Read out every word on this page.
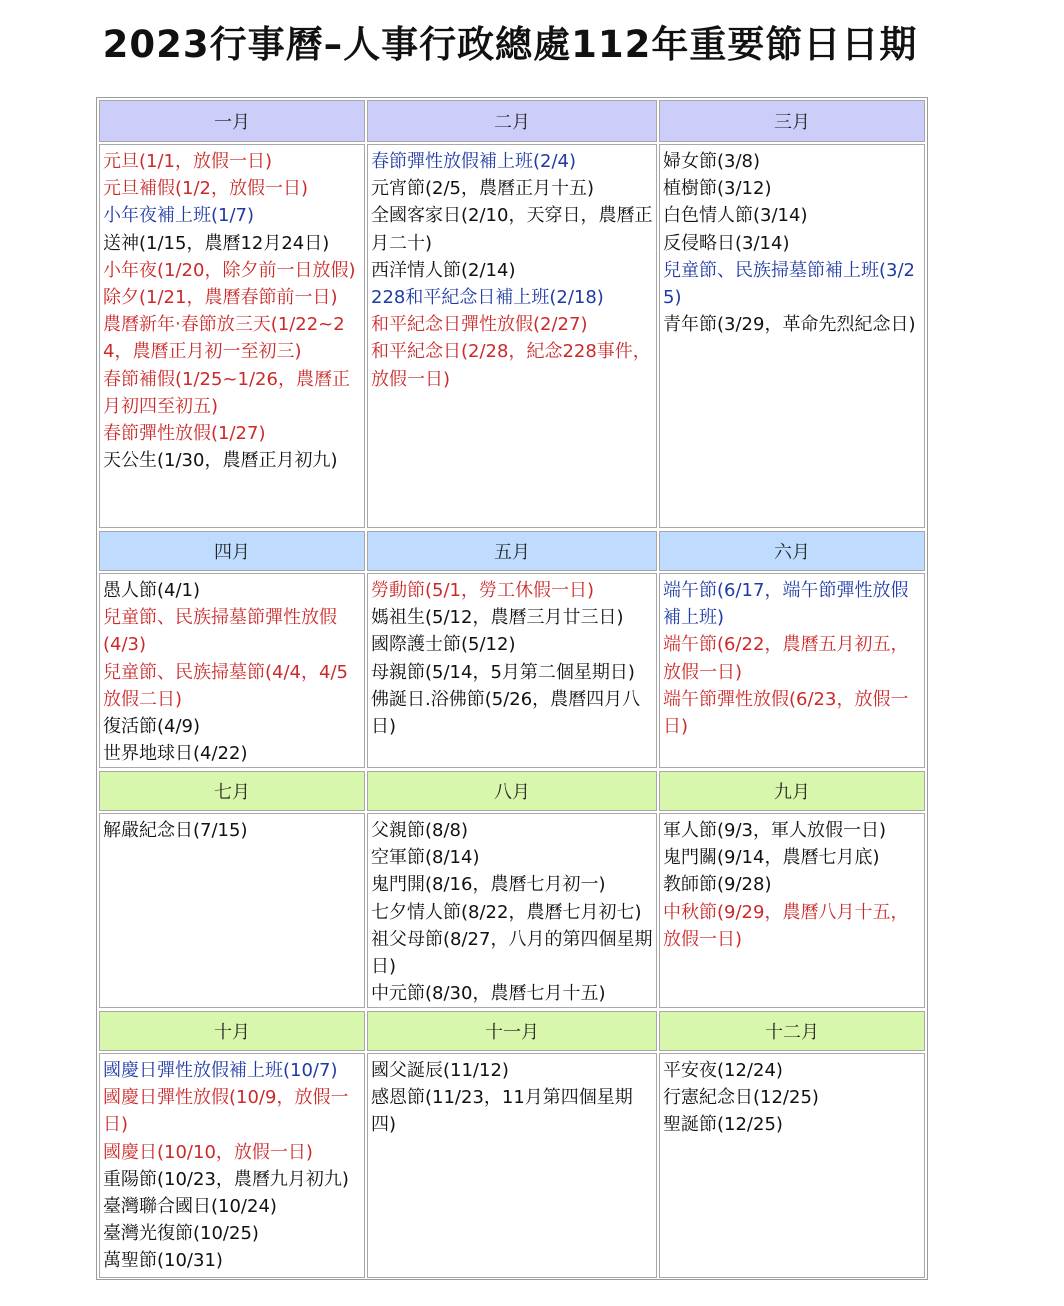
2023行事曆–人事行政總處112年重要節日日期
一月
元旦(1/1，放假一日)
元旦補假(1/2，放假一日)
小年夜補上班(1/7)
送神(1/15，農曆12月24日)
小年夜(1/20，除夕前一日放假)
除夕(1/21，農曆春節前一日)
農曆新年‧春節放三天(1/22~24，農曆正月初一至初三)
春節補假(1/25~1/26，農曆正月初四至初五)
春節彈性放假(1/27)
天公生(1/30，農曆正月初九)
二月
春節彈性放假補上班(2/4)
元宵節(2/5，農曆正月十五)
全國客家日(2/10，天穿日，農曆正月二十)
西洋情人節(2/14)
228和平紀念日補上班(2/18)
和平紀念日彈性放假(2/27)
和平紀念日(2/28，紀念228事件，放假一日)
三月
婦女節(3/8)
植樹節(3/12)
白色情人節(3/14)
反侵略日(3/14)
兒童節、民族掃墓節補上班(3/25)
青年節(3/29，革命先烈紀念日)
四月
愚人節(4/1)
兒童節、民族掃墓節彈性放假(4/3)
兒童節、民族掃墓節(4/4，4/5放假二日)
復活節(4/9)
世界地球日(4/22)
五月
勞動節(5/1，勞工休假一日)
媽祖生(5/12，農曆三月廿三日)
國際護士節(5/12)
母親節(5/14，5月第二個星期日)
佛誕日.浴佛節(5/26，農曆四月八日)
六月
端午節(6/17，端午節彈性放假補上班)
端午節(6/22，農曆五月初五，放假一日)
端午節彈性放假(6/23，放假一日)
七月
解嚴紀念日(7/15)
八月
父親節(8/8)
空軍節(8/14)
鬼門開(8/16，農曆七月初一)
七夕情人節(8/22，農曆七月初七)
祖父母節(8/27，八月的第四個星期日)
中元節(8/30，農曆七月十五)
九月
軍人節(9/3，軍人放假一日)
鬼門關(9/14，農曆七月底)
教師節(9/28)
中秋節(9/29，農曆八月十五，放假一日)
十月
國慶日彈性放假補上班(10/7)
國慶日彈性放假(10/9，放假一日)
國慶日(10/10，放假一日)
重陽節(10/23，農曆九月初九)
臺灣聯合國日(10/24)
臺灣光復節(10/25)
萬聖節(10/31)
十一月
國父誕辰(11/12)
感恩節(11/23，11月第四個星期四)
十二月
平安夜(12/24)
行憲紀念日(12/25)
聖誕節(12/25)
